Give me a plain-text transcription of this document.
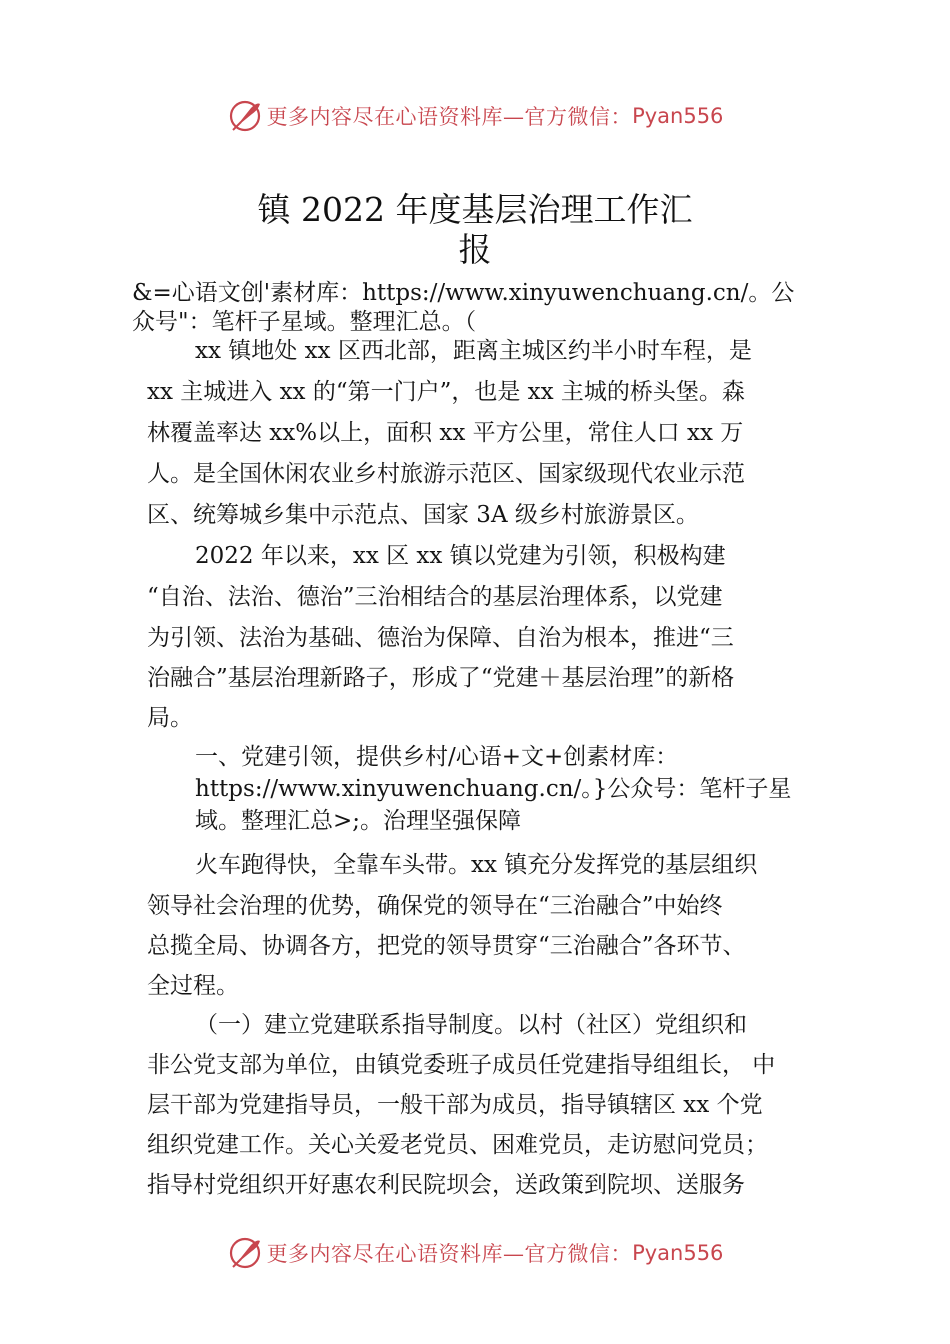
更多内容尽在心语资料库—官方微信： Pyan556
镇 2022 年度基层治理工作汇
报
&=心语文创'素材库：https://www.xinyuwenchuang.cn/。公
众号"：笔杆子星域。整理汇总。（
xx 镇地处 xx 区西北部，距离主城区约半小时车程，是
xx 主城进入 xx 的“第一门户”，也是 xx 主城的桥头堡。森
林覆盖率达 xx%以上，面积 xx 平方公里，常住人口 xx 万
人。是全国休闲农业乡村旅游示范区、国家级现代农业示范
区、统筹城乡集中示范点、国家 3A 级乡村旅游景区。
2022 年以来，xx 区 xx 镇以党建为引领，积极构建
“自治、法治、德治”三治相结合的基层治理体系，以党建
为引领、法治为基础、德治为保障、自治为根本，推进“三
治融合”基层治理新路子，形成了“党建＋基层治理”的新格
局。
一、党建引领，提供乡村/心语+文+创素材库：
https://www.xinyuwenchuang.cn/。}公众号：笔杆子星
域。整理汇总>;。治理坚强保障
火车跑得快，全靠车头带。xx 镇充分发挥党的基层组织
领导社会治理的优势，确保党的领导在“三治融合”中始终
总揽全局、协调各方，把党的领导贯穿“三治融合”各环节、
全过程。
（一）建立党建联系指导制度。以村（社区）党组织和
非公党支部为单位，由镇党委班子成员任党建指导组组长， 中
层干部为党建指导员，一般干部为成员，指导镇辖区 xx 个党
组织党建工作。关心关爱老党员、困难党员，走访慰问党员；
指导村党组织开好惠农利民院坝会，送政策到院坝、送服务
更多内容尽在心语资料库—官方微信： Pyan556
